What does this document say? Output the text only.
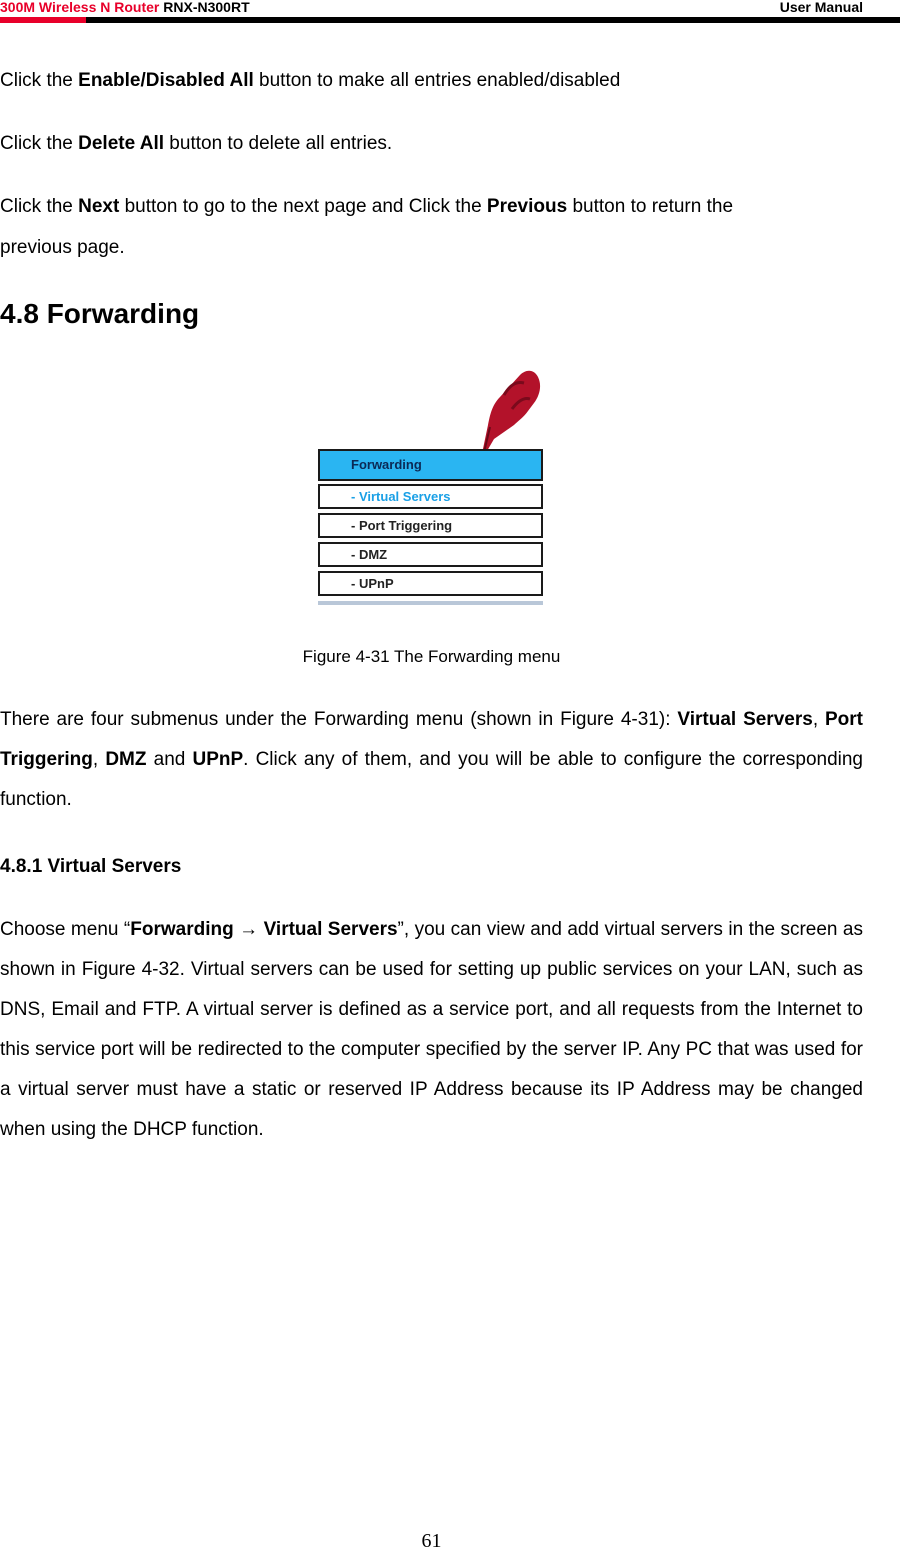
300M Wireless N Router RNX-N300RT	User Manual

Click the Enable/Disabled All button to make all entries enabled/disabled

Click the Delete All button to delete all entries.

Click the Next button to go to the next page and Click the Previous button to return the

previous page.

4.8 Forwarding
Forwarding
- Virtual Servers
- Port Triggering
- DMZ
- UPnP
Figure 4-31 The Forwarding menu

There are four submenus under the Forwarding menu (shown in Figure 4-31): Virtual Servers, Port Triggering, DMZ and UPnP. Click any of them, and you will be able to configure the corresponding function.

4.8.1 Virtual Servers

Choose menu “Forwarding → Virtual Servers”, you can view and add virtual servers in the screen as shown in Figure 4-32. Virtual servers can be used for setting up public services on your LAN, such as DNS, Email and FTP. A virtual server is defined as a service port, and all requests from the Internet to this service port will be redirected to the computer specified by the server IP. Any PC that was used for a virtual server must have a static or reserved IP Address because its IP Address may be changed when using the DHCP function.

61
